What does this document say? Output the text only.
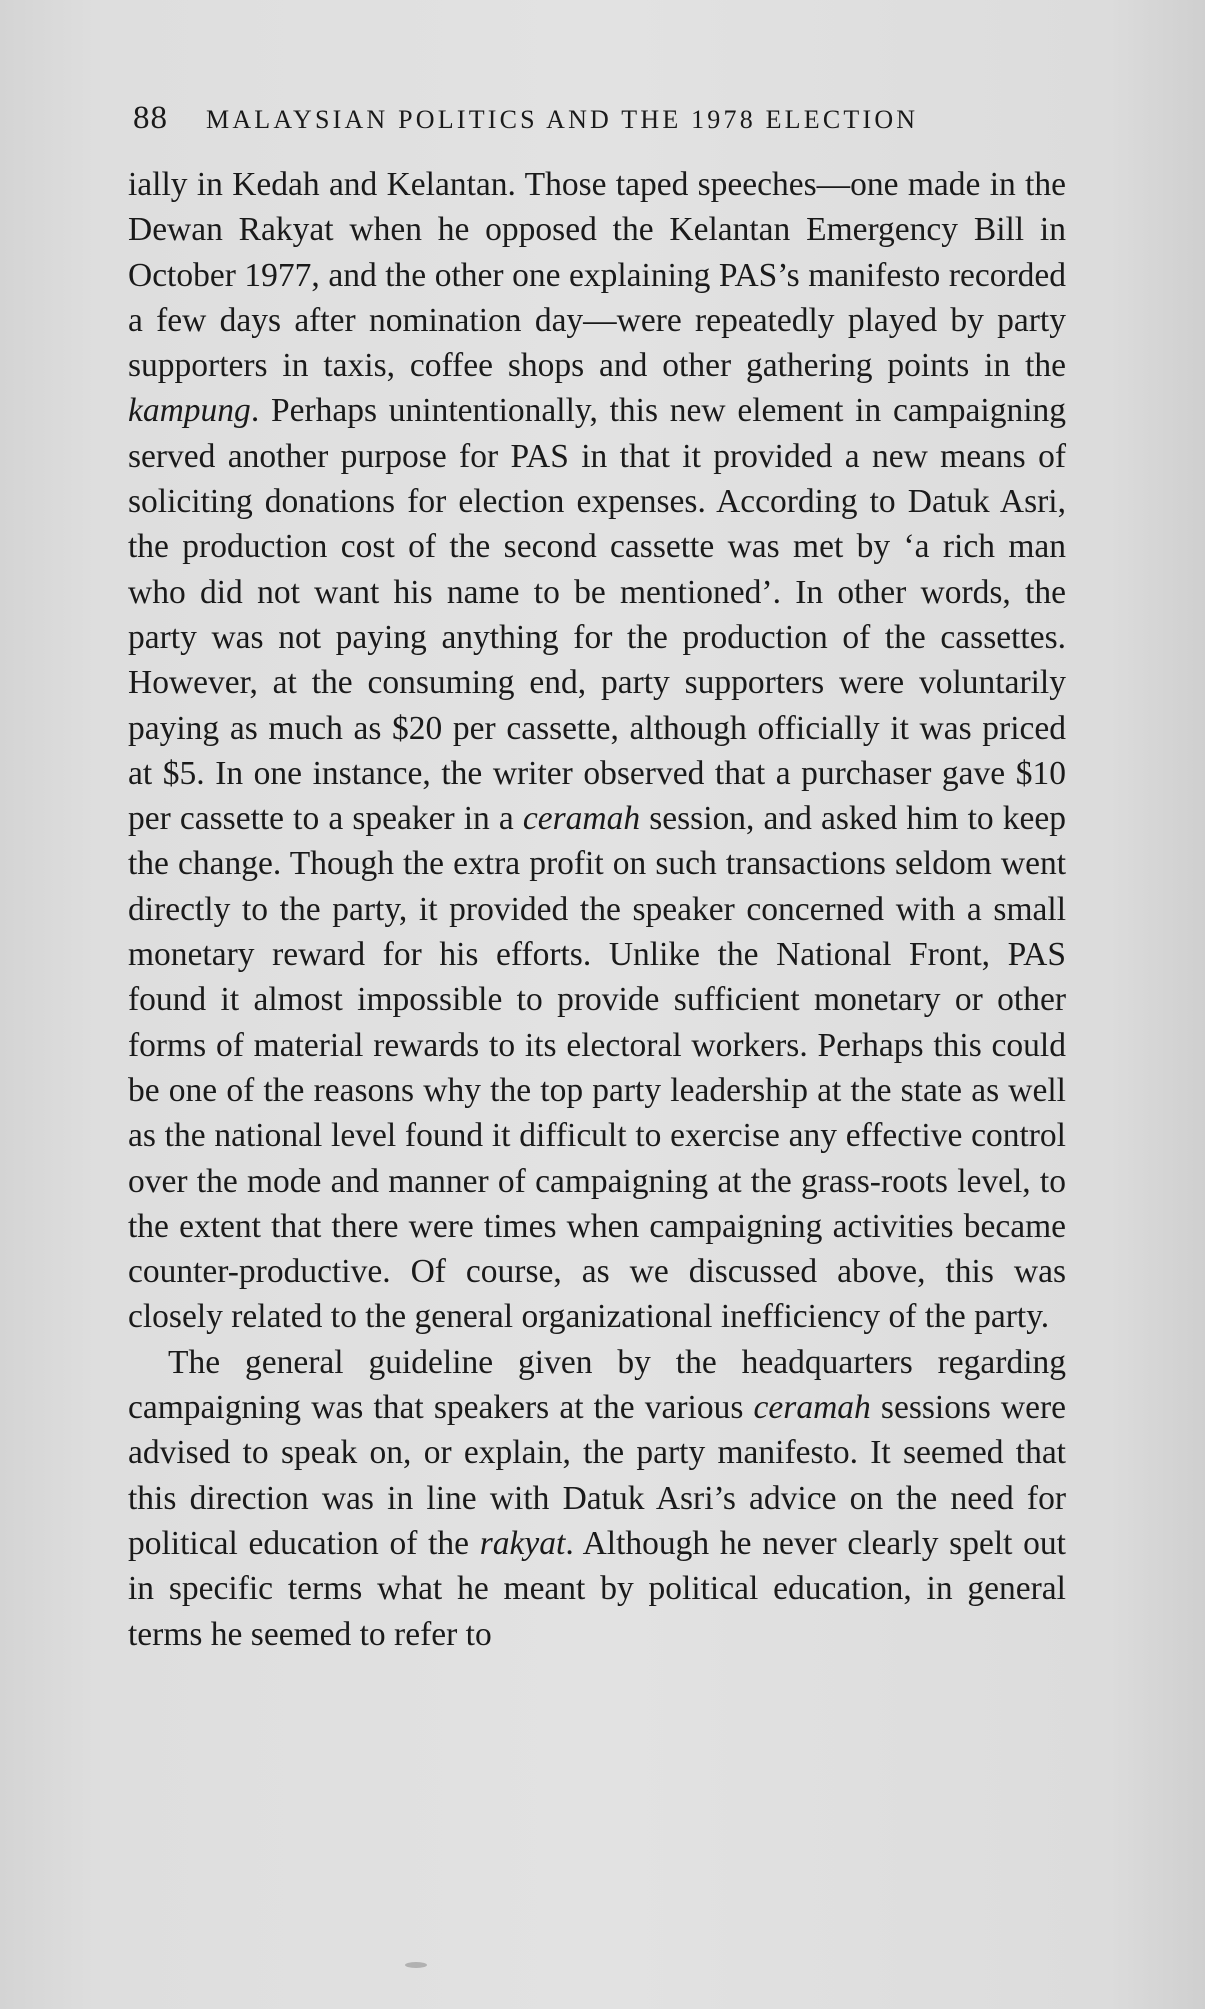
88 MALAYSIAN POLITICS AND THE 1978 ELECTION

ially in Kedah and Kelantan. Those taped speeches—one made in the Dewan Rakyat when he opposed the Kelantan Emergency Bill in October 1977, and the other one explaining PAS’s manifesto recorded a few days after nomination day—were repeatedly played by party supporters in taxis, coffee shops and other gathering points in the kampung. Perhaps unintentionally, this new element in campaigning served another purpose for PAS in that it provided a new means of soliciting donations for election expenses. According to Datuk Asri, the production cost of the second cassette was met by ‘a rich man who did not want his name to be mentioned’. In other words, the party was not paying anything for the production of the cassettes. However, at the consuming end, party supporters were voluntarily paying as much as $20 per cassette, although officially it was priced at $5. In one instance, the writer observed that a purchaser gave $10 per cassette to a speaker in a ceramah session, and asked him to keep the change. Though the extra profit on such transactions seldom went directly to the party, it provided the speaker concerned with a small monetary reward for his efforts. Unlike the National Front, PAS found it almost impossible to provide sufficient monetary or other forms of material rewards to its electoral workers. Perhaps this could be one of the reasons why the top party leadership at the state as well as the national level found it difficult to exercise any effective control over the mode and manner of campaigning at the grass-roots level, to the extent that there were times when campaigning activities became counter-productive. Of course, as we discussed above, this was closely related to the general organizational inefficiency of the party.

The general guideline given by the headquarters regarding campaigning was that speakers at the various ceramah sessions were advised to speak on, or explain, the party manifesto. It seemed that this direction was in line with Datuk Asri’s advice on the need for political education of the rakyat. Although he never clearly spelt out in specific terms what he meant by political education, in general terms he seemed to refer to
